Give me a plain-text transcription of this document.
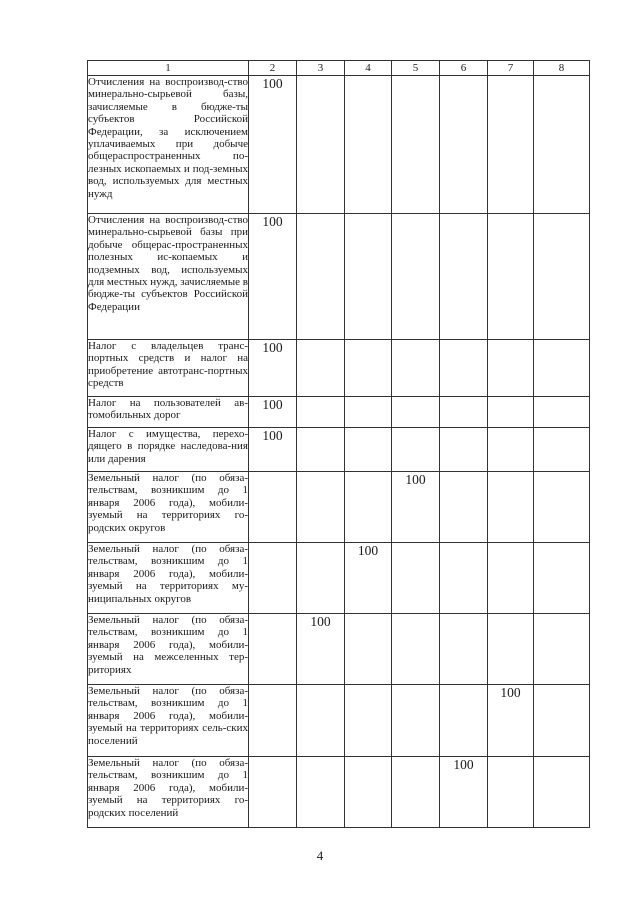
1	2	3	4	5	6	7	8
Отчисления на воспроизвод-ство минерально-сырьевой базы, зачисляемые в бюдже-ты субъектов Российской Федерации, за исключением уплачиваемых при добыче общераспространенных по-лезных ископаемых и под-земных вод, используемых для местных нужд	100						
Отчисления на воспроизвод-ство минерально-сырьевой базы при добыче общерас-пространенных полезных ис-копаемых и подземных вод, используемых для местных нужд, зачисляемые в бюдже-ты субъектов Российской Федерации	100						
Налог с владельцев транс-портных средств и налог на приобретение автотранс-портных средств	100						
Налог на пользователей ав-томобильных дорог	100						
Налог с имущества, перехо-дящего в порядке наследова-ния или дарения	100						
Земельный налог (по обяза-тельствам, возникшим до 1 января 2006 года), мобили-зуемый на территориях го-родских округов				100			
Земельный налог (по обяза-тельствам, возникшим до 1 января 2006 года), мобили-зуемый на территориях му-ниципальных округов			100				
Земельный налог (по обяза-тельствам, возникшим до 1 января 2006 года), мобили-зуемый на межселенных тер-риториях		100					
Земельный налог (по обяза-тельствам, возникшим до 1 января 2006 года), мобили-зуемый на территориях сель-ских поселений						100	
Земельный налог (по обяза-тельствам, возникшим до 1 января 2006 года), мобили-зуемый на территориях го-родских поселений					100		
4
